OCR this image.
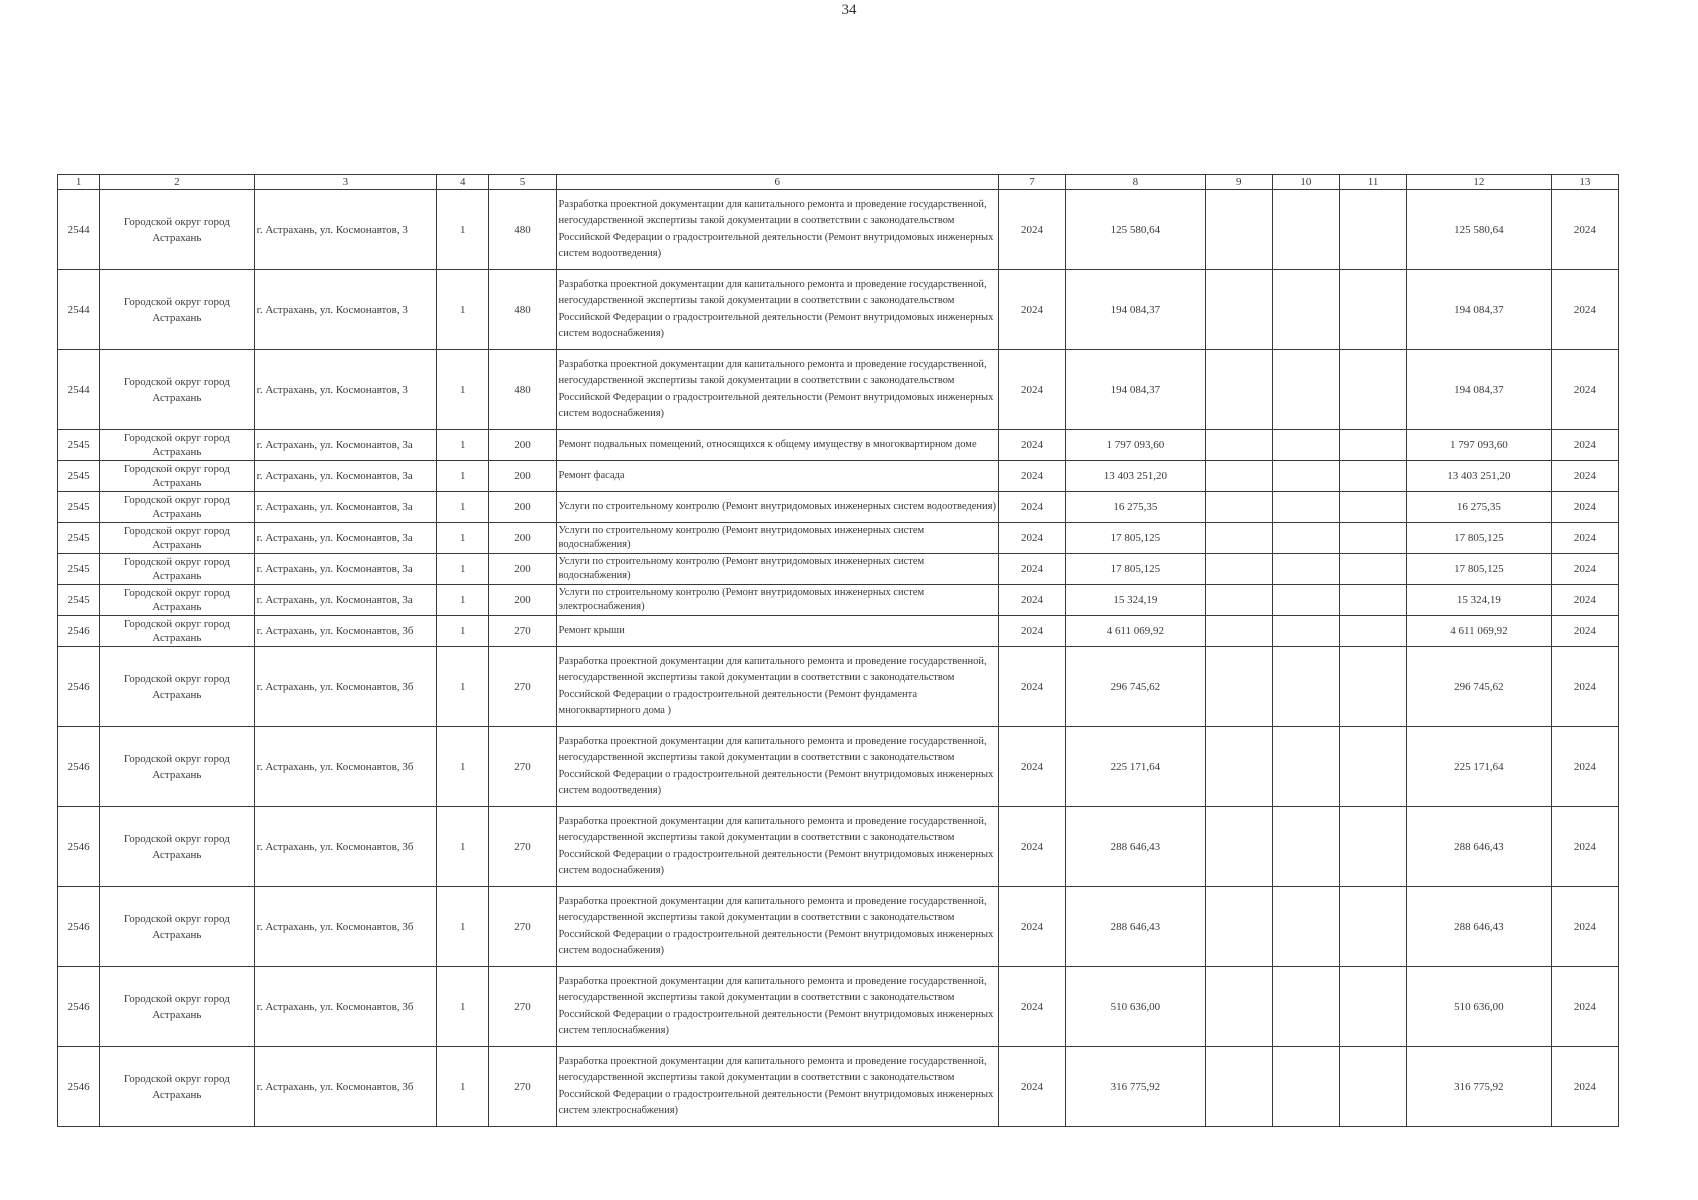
34
1	2	3	4	5	6	7	8	9	10	11	12	13
2544	Городской округ город Астрахань	г. Астрахань, ул. Космонавтов, 3	1	480	Разработка проектной документации для капитального ремонта и проведение государственной, негосударственной экспертизы такой документации в соответствии с законодательством Российской Федерации о градостроительной деятельности (Ремонт внутридомовых инженерных систем водоотведения)	2024	125 580,64				125 580,64	2024
2544	Городской округ город Астрахань	г. Астрахань, ул. Космонавтов, 3	1	480	Разработка проектной документации для капитального ремонта и проведение государственной, негосударственной экспертизы такой документации в соответствии с законодательством Российской Федерации о градостроительной деятельности (Ремонт внутридомовых инженерных систем водоснабжения)	2024	194 084,37				194 084,37	2024
2544	Городской округ город Астрахань	г. Астрахань, ул. Космонавтов, 3	1	480	Разработка проектной документации для капитального ремонта и проведение государственной, негосударственной экспертизы такой документации в соответствии с законодательством Российской Федерации о градостроительной деятельности (Ремонт внутридомовых инженерных систем водоснабжения)	2024	194 084,37				194 084,37	2024
2545	Городской округ город Астрахань	г. Астрахань, ул. Космонавтов, 3а	1	200	Ремонт подвальных помещений, относящихся к общему имуществу в многоквартирном доме	2024	1 797 093,60				1 797 093,60	2024
2545	Городской округ город Астрахань	г. Астрахань, ул. Космонавтов, 3а	1	200	Ремонт фасада	2024	13 403 251,20				13 403 251,20	2024
2545	Городской округ город Астрахань	г. Астрахань, ул. Космонавтов, 3а	1	200	Услуги по строительному контролю (Ремонт внутридомовых инженерных систем водоотведения)	2024	16 275,35				16 275,35	2024
2545	Городской округ город Астрахань	г. Астрахань, ул. Космонавтов, 3а	1	200	Услуги по строительному контролю (Ремонт внутридомовых инженерных систем водоснабжения)	2024	17 805,125				17 805,125	2024
2545	Городской округ город Астрахань	г. Астрахань, ул. Космонавтов, 3а	1	200	Услуги по строительному контролю (Ремонт внутридомовых инженерных систем водоснабжения)	2024	17 805,125				17 805,125	2024
2545	Городской округ город Астрахань	г. Астрахань, ул. Космонавтов, 3а	1	200	Услуги по строительному контролю (Ремонт внутридомовых инженерных систем электроснабжения)	2024	15 324,19				15 324,19	2024
2546	Городской округ город Астрахань	г. Астрахань, ул. Космонавтов, 3б	1	270	Ремонт крыши	2024	4 611 069,92				4 611 069,92	2024
2546	Городской округ город Астрахань	г. Астрахань, ул. Космонавтов, 3б	1	270	Разработка проектной документации для капитального ремонта и проведение государственной, негосударственной экспертизы такой документации в соответствии с законодательством Российской Федерации о градостроительной деятельности (Ремонт фундамента многоквартирного дома )	2024	296 745,62				296 745,62	2024
2546	Городской округ город Астрахань	г. Астрахань, ул. Космонавтов, 3б	1	270	Разработка проектной документации для капитального ремонта и проведение государственной, негосударственной экспертизы такой документации в соответствии с законодательством Российской Федерации о градостроительной деятельности (Ремонт внутридомовых инженерных систем водоотведения)	2024	225 171,64				225 171,64	2024
2546	Городской округ город Астрахань	г. Астрахань, ул. Космонавтов, 3б	1	270	Разработка проектной документации для капитального ремонта и проведение государственной, негосударственной экспертизы такой документации в соответствии с законодательством Российской Федерации о градостроительной деятельности (Ремонт внутридомовых инженерных систем водоснабжения)	2024	288 646,43				288 646,43	2024
2546	Городской округ город Астрахань	г. Астрахань, ул. Космонавтов, 3б	1	270	Разработка проектной документации для капитального ремонта и проведение государственной, негосударственной экспертизы такой документации в соответствии с законодательством Российской Федерации о градостроительной деятельности (Ремонт внутридомовых инженерных систем водоснабжения)	2024	288 646,43				288 646,43	2024
2546	Городской округ город Астрахань	г. Астрахань, ул. Космонавтов, 3б	1	270	Разработка проектной документации для капитального ремонта и проведение государственной, негосударственной экспертизы такой документации в соответствии с законодательством Российской Федерации о градостроительной деятельности (Ремонт внутридомовых инженерных систем теплоснабжения)	2024	510 636,00				510 636,00	2024
2546	Городской округ город Астрахань	г. Астрахань, ул. Космонавтов, 3б	1	270	Разработка проектной документации для капитального ремонта и проведение государственной, негосударственной экспертизы такой документации в соответствии с законодательством Российской Федерации о градостроительной деятельности (Ремонт внутридомовых инженерных систем электроснабжения)	2024	316 775,92				316 775,92	2024
